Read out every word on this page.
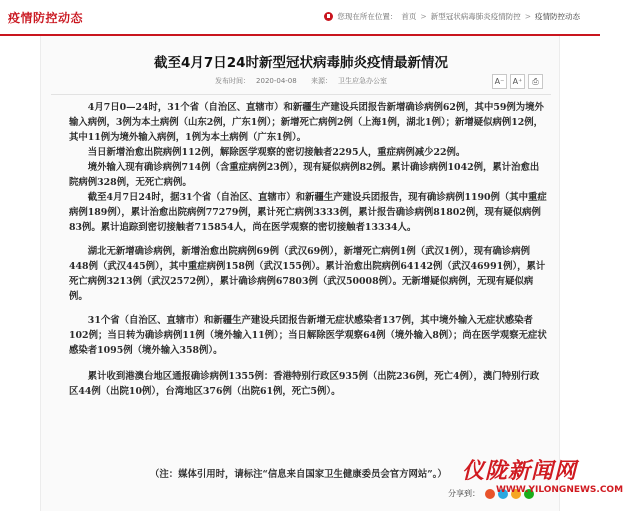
疫情防控动态	您现在所在位置： 首页 > 新型冠状病毒肺炎疫情防控 > 疫情防控动态
截至4月7日24时新型冠状病毒肺炎疫情最新情况
发布时间： 2020-04-08 来源： 卫生应急办公室	A⁻	A⁺	⎙

4月7日0—24时，31个省（自治区、直辖市）和新疆生产建设兵团报告新增确诊病例62例，其中59例为境外输入病例，3例为本土病例（山东2例，广东1例）；新增死亡病例2例（上海1例，湖北1例）；新增疑似病例12例，其中11例为境外输入病例，1例为本土病例（广东1例）。

当日新增治愈出院病例112例，解除医学观察的密切接触者2295人，重症病例减少22例。

境外输入现有确诊病例714例（含重症病例23例），现有疑似病例82例。累计确诊病例1042例，累计治愈出院病例328例，无死亡病例。

截至4月7日24时，据31个省（自治区、直辖市）和新疆生产建设兵团报告，现有确诊病例1190例（其中重症病例189例），累计治愈出院病例77279例，累计死亡病例3333例，累计报告确诊病例81802例，现有疑似病例83例。累计追踪到密切接触者715854人，尚在医学观察的密切接触者13334人。

湖北无新增确诊病例，新增治愈出院病例69例（武汉69例），新增死亡病例1例（武汉1例），现有确诊病例448例（武汉445例），其中重症病例158例（武汉155例）。累计治愈出院病例64142例（武汉46991例），累计死亡病例3213例（武汉2572例），累计确诊病例67803例（武汉50008例）。无新增疑似病例，无现有疑似病例。

31个省（自治区、直辖市）和新疆生产建设兵团报告新增无症状感染者137例，其中境外输入无症状感染者102例；当日转为确诊病例11例（境外输入11例）；当日解除医学观察64例（境外输入8例）；尚在医学观察无症状感染者1095例（境外输入358例）。

累计收到港澳台地区通报确诊病例1355例：香港特别行政区935例（出院236例，死亡4例），澳门特别行政区44例（出院10例），台湾地区376例（出院61例，死亡5例）。

（注：媒体引用时，请标注“信息来自国家卫生健康委员会官方网站”。） 仪陇新闻网
分享到： WWW.YILONGNEWS.COM
